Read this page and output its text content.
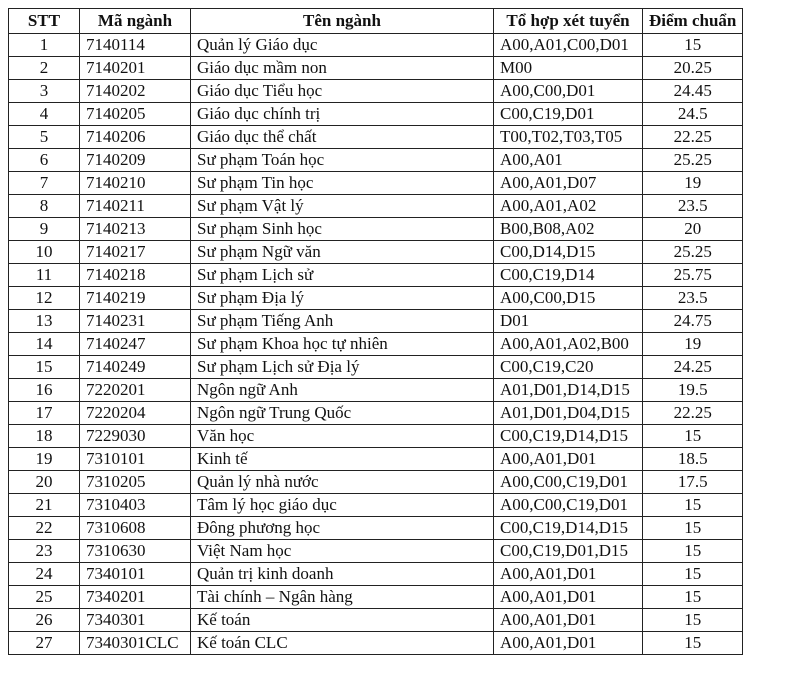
STT	Mã ngành	Tên ngành	Tổ hợp xét tuyển	Điểm chuẩn
1	7140114	Quản lý Giáo dục	A00,A01,C00,D01	15
2	7140201	Giáo dục mầm non	M00	20.25
3	7140202	Giáo dục Tiểu học	A00,C00,D01	24.45
4	7140205	Giáo dục chính trị	C00,C19,D01	24.5
5	7140206	Giáo dục thể chất	T00,T02,T03,T05	22.25
6	7140209	Sư phạm Toán học	A00,A01	25.25
7	7140210	Sư phạm Tin học	A00,A01,D07	19
8	7140211	Sư phạm Vật lý	A00,A01,A02	23.5
9	7140213	Sư phạm Sinh học	B00,B08,A02	20
10	7140217	Sư phạm Ngữ văn	C00,D14,D15	25.25
11	7140218	Sư phạm Lịch sử	C00,C19,D14	25.75
12	7140219	Sư phạm Địa lý	A00,C00,D15	23.5
13	7140231	Sư phạm Tiếng Anh	D01	24.75
14	7140247	Sư phạm Khoa học tự nhiên	A00,A01,A02,B00	19
15	7140249	Sư phạm Lịch sử Địa lý	C00,C19,C20	24.25
16	7220201	Ngôn ngữ Anh	A01,D01,D14,D15	19.5
17	7220204	Ngôn ngữ Trung Quốc	A01,D01,D04,D15	22.25
18	7229030	Văn học	C00,C19,D14,D15	15
19	7310101	Kinh tế	A00,A01,D01	18.5
20	7310205	Quản lý nhà nước	A00,C00,C19,D01	17.5
21	7310403	Tâm lý học giáo dục	A00,C00,C19,D01	15
22	7310608	Đông phương học	C00,C19,D14,D15	15
23	7310630	Việt Nam học	C00,C19,D01,D15	15
24	7340101	Quản trị kinh doanh	A00,A01,D01	15
25	7340201	Tài chính – Ngân hàng	A00,A01,D01	15
26	7340301	Kế toán	A00,A01,D01	15
27	7340301CLC	Kế toán CLC	A00,A01,D01	15
